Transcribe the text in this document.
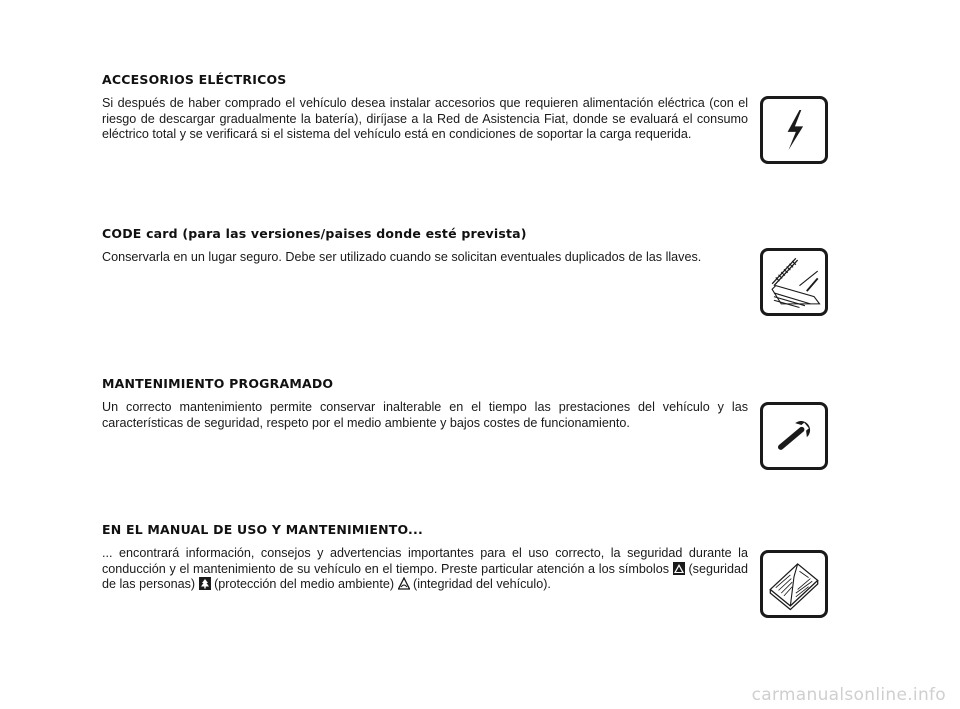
ACCESORIOS ELÉCTRICOS

Si después de haber comprado el vehículo desea instalar accesorios que requieren alimentación eléctrica (con el riesgo de descargar gradualmente la batería), diríjase a la Red de Asistencia Fiat, donde se evaluará el consumo eléctrico total y se verificará si el sistema del vehículo está en condiciones de soportar la carga requerida.

CODE card (para las versiones/paises donde esté prevista)

Conservarla en un lugar seguro. Debe ser utilizado cuando se solicitan eventuales duplicados de las llaves.

MANTENIMIENTO PROGRAMADO

Un correcto mantenimiento permite conservar inalterable en el tiempo las prestaciones del vehículo y las características de seguridad, respeto por el medio ambiente y bajos costes de funcionamiento.

EN EL MANUAL DE USO Y MANTENIMIENTO...

... encontrará información, consejos y advertencias importantes para el uso correcto, la seguridad durante la conducción y el mantenimiento de su vehículo en el tiempo. Preste particular atención a los símbolos  (seguridad de las personas)  (protección del medio ambiente)  (integridad del vehículo).

carmanualsonline.info
